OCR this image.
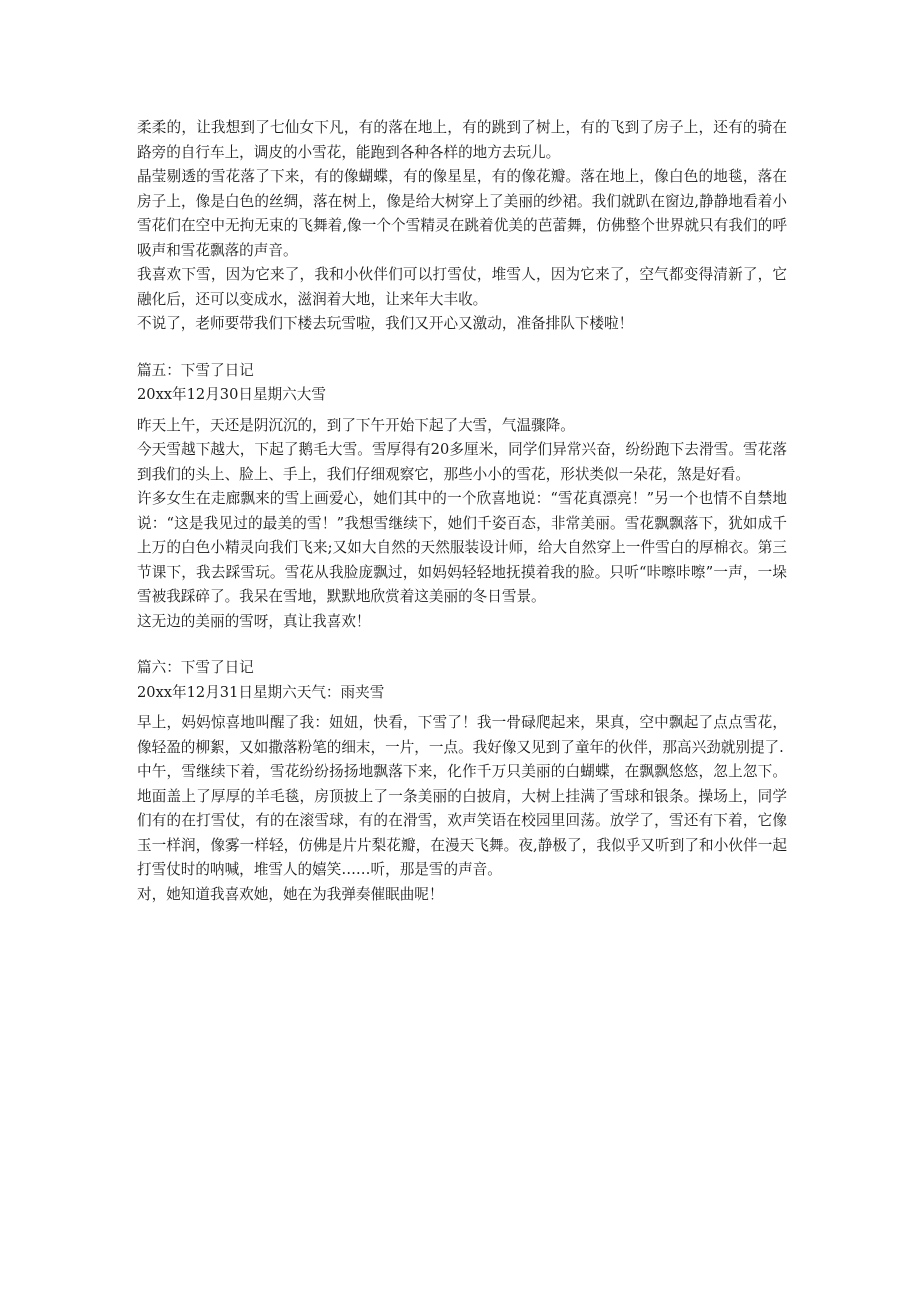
柔柔的，让我想到了七仙女下凡，有的落在地上，有的跳到了树上，有的飞到了房子上，还有的骑在路旁的自行车上，调皮的小雪花，能跑到各种各样的地方去玩儿。

晶莹剔透的雪花落了下来，有的像蝴蝶，有的像星星，有的像花瓣。落在地上，像白色的地毯，落在房子上，像是白色的丝绸，落在树上，像是给大树穿上了美丽的纱裙。我们就趴在窗边,静静地看着小雪花们在空中无拘无束的飞舞着,像一个个雪精灵在跳着优美的芭蕾舞，仿佛整个世界就只有我们的呼吸声和雪花飘落的声音。

我喜欢下雪，因为它来了，我和小伙伴们可以打雪仗，堆雪人，因为它来了，空气都变得清新了，它融化后，还可以变成水，滋润着大地，让来年大丰收。

不说了，老师要带我们下楼去玩雪啦，我们又开心又激动，准备排队下楼啦！

篇五：下雪了日记

20xx年12月30日星期六大雪

昨天上午，天还是阴沉沉的，到了下午开始下起了大雪，气温骤降。

今天雪越下越大，下起了鹅毛大雪。雪厚得有20多厘米，同学们异常兴奋，纷纷跑下去滑雪。雪花落到我们的头上、脸上、手上，我们仔细观察它，那些小小的雪花，形状类似一朵花，煞是好看。

许多女生在走廊飘来的雪上画爱心，她们其中的一个欣喜地说：“雪花真漂亮！”另一个也情不自禁地说：“这是我见过的最美的雪！”我想雪继续下，她们千姿百态，非常美丽。雪花飘飘落下，犹如成千上万的白色小精灵向我们飞来;又如大自然的天然服装设计师，给大自然穿上一件雪白的厚棉衣。第三节课下，我去踩雪玩。雪花从我脸庞飘过，如妈妈轻轻地抚摸着我的脸。只听“咔嚓咔嚓”一声，一垛雪被我踩碎了。我呆在雪地，默默地欣赏着这美丽的冬日雪景。

这无边的美丽的雪呀，真让我喜欢！

篇六：下雪了日记

20xx年12月31日星期六天气：雨夹雪

早上，妈妈惊喜地叫醒了我：妞妞，快看，下雪了！我一骨碌爬起来，果真，空中飘起了点点雪花，像轻盈的柳絮，又如撒落粉笔的细末，一片，一点。我好像又见到了童年的伙伴，那高兴劲就别提了.

中午，雪继续下着，雪花纷纷扬扬地飘落下来，化作千万只美丽的白蝴蝶，在飘飘悠悠，忽上忽下。地面盖上了厚厚的羊毛毯，房顶披上了一条美丽的白披肩，大树上挂满了雪球和银条。操场上，同学们有的在打雪仗，有的在滚雪球，有的在滑雪，欢声笑语在校园里回荡。放学了，雪还有下着，它像玉一样润，像雾一样轻，仿佛是片片梨花瓣，在漫天飞舞。夜,静极了，我似乎又听到了和小伙伴一起打雪仗时的呐喊，堆雪人的嬉笑……听，那是雪的声音。

对，她知道我喜欢她，她在为我弹奏催眠曲呢！
